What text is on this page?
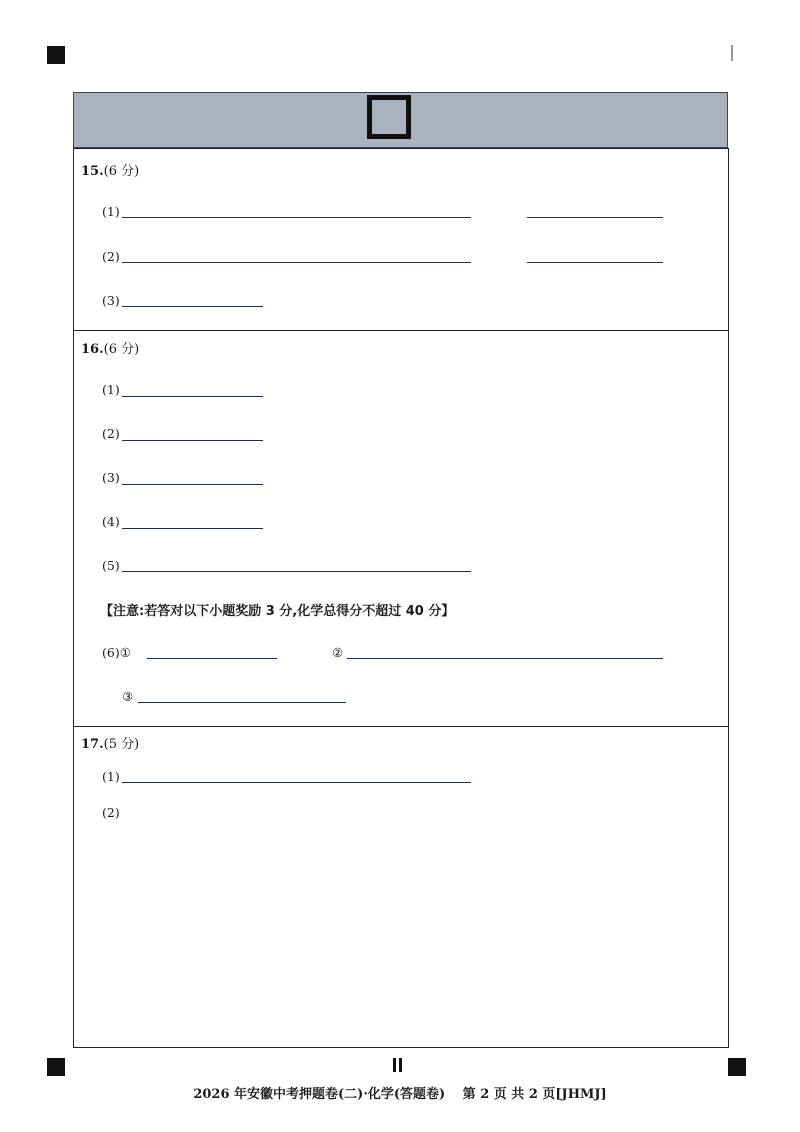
15.(6 分)
(1)
(2)
(3)
16.(6 分)
(1)
(2)
(3)
(4)
(5)
【注意:若答对以下小题奖励 3 分,化学总得分不超过 40 分】
(6)①	②
③
17.(5 分)
(1)
(2)
2026 年安徽中考押题卷(二)·化学(答题卷)　 第 2 页 共 2 页[JHMJ]
